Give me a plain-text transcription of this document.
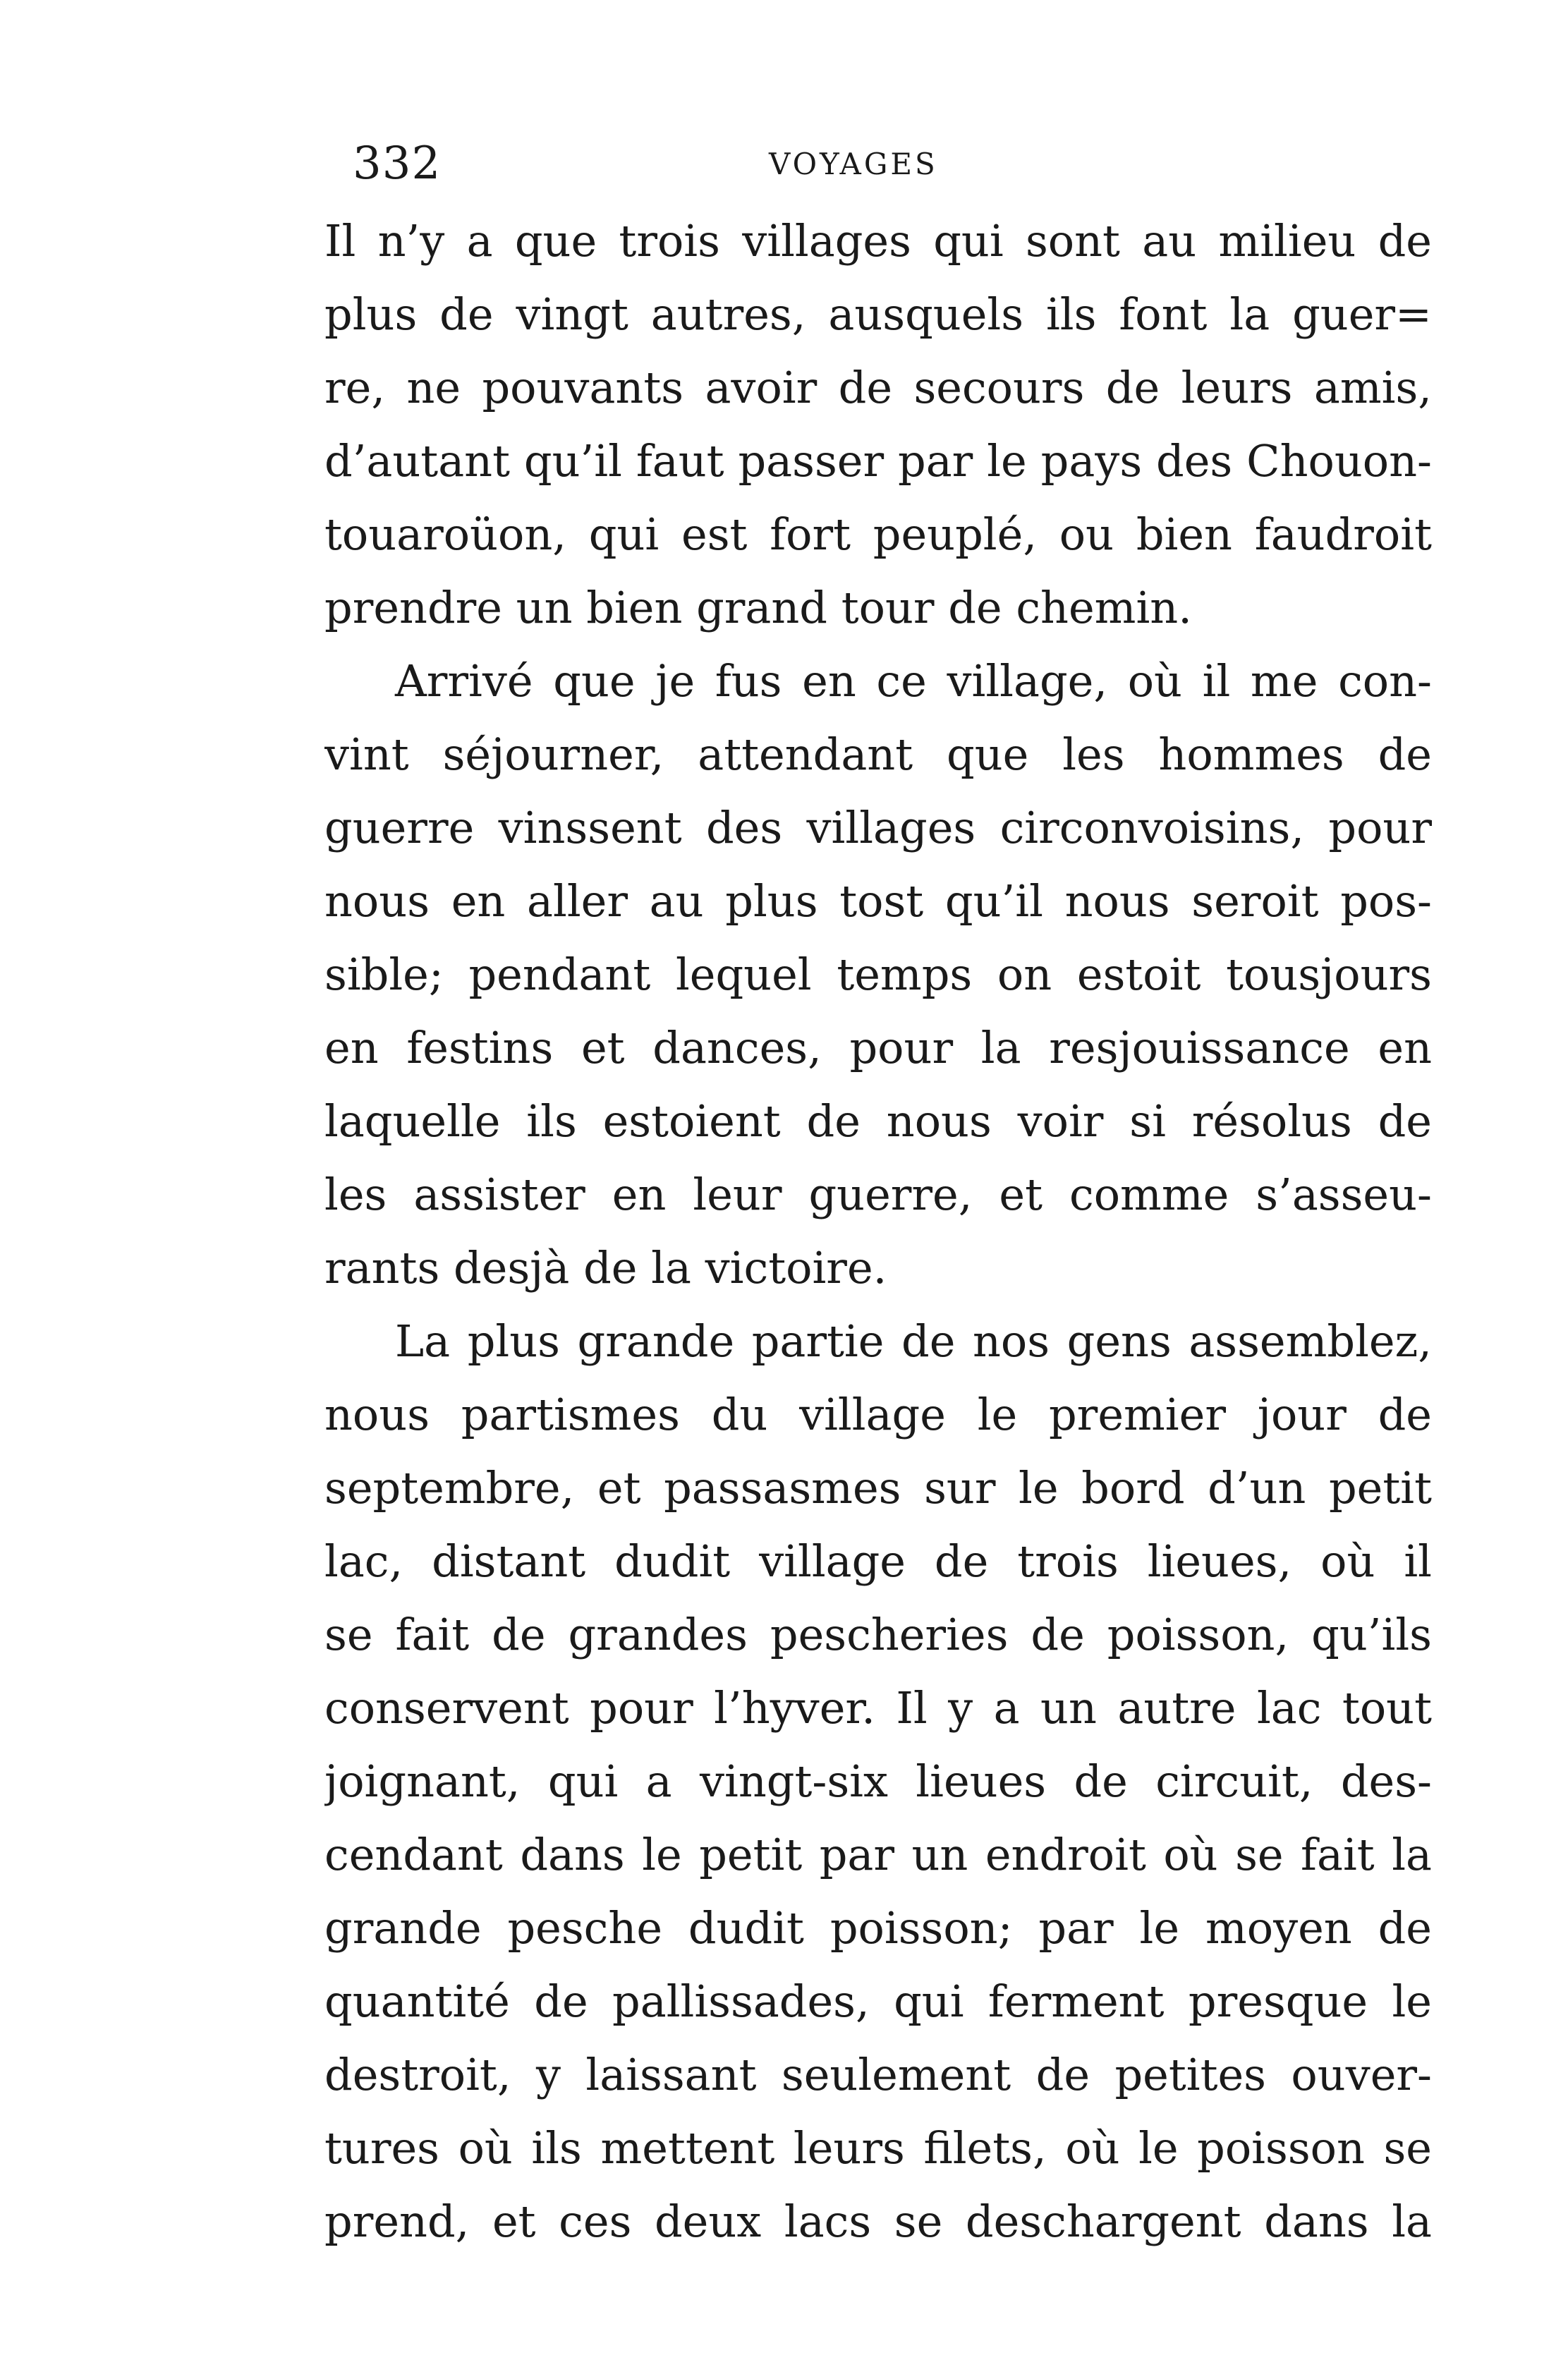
332	VOYAGES
Il n’y a que trois villages qui sont au milieu de
plus de vingt autres, ausquels ils font la guer=
re, ne pouvants avoir de secours de leurs amis,
d’autant qu’il faut passer par le pays des Chouon-
touaroüon, qui est fort peuplé, ou bien faudroit
prendre un bien grand tour de chemin.
Arrivé que je fus en ce village, où il me con-
vint séjourner, attendant que les hommes de
guerre vinssent des villages circonvoisins, pour
nous en aller au plus tost qu’il nous seroit pos-
sible; pendant lequel temps on estoit tousjours
en festins et dances, pour la resjouissance en
laquelle ils estoient de nous voir si résolus de
les assister en leur guerre, et comme s’asseu-
rants desjà de la victoire.
La plus grande partie de nos gens assemblez,
nous partismes du village le premier jour de
septembre, et passasmes sur le bord d’un petit
lac, distant dudit village de trois lieues, où il
se fait de grandes pescheries de poisson, qu’ils
conservent pour l’hyver. Il y a un autre lac tout
joignant, qui a vingt-six lieues de circuit, des-
cendant dans le petit par un endroit où se fait la
grande pesche dudit poisson; par le moyen de
quantité de pallissades, qui ferment presque le
destroit, y laissant seulement de petites ouver-
tures où ils mettent leurs filets, où le poisson se
prend, et ces deux lacs se deschargent dans la
